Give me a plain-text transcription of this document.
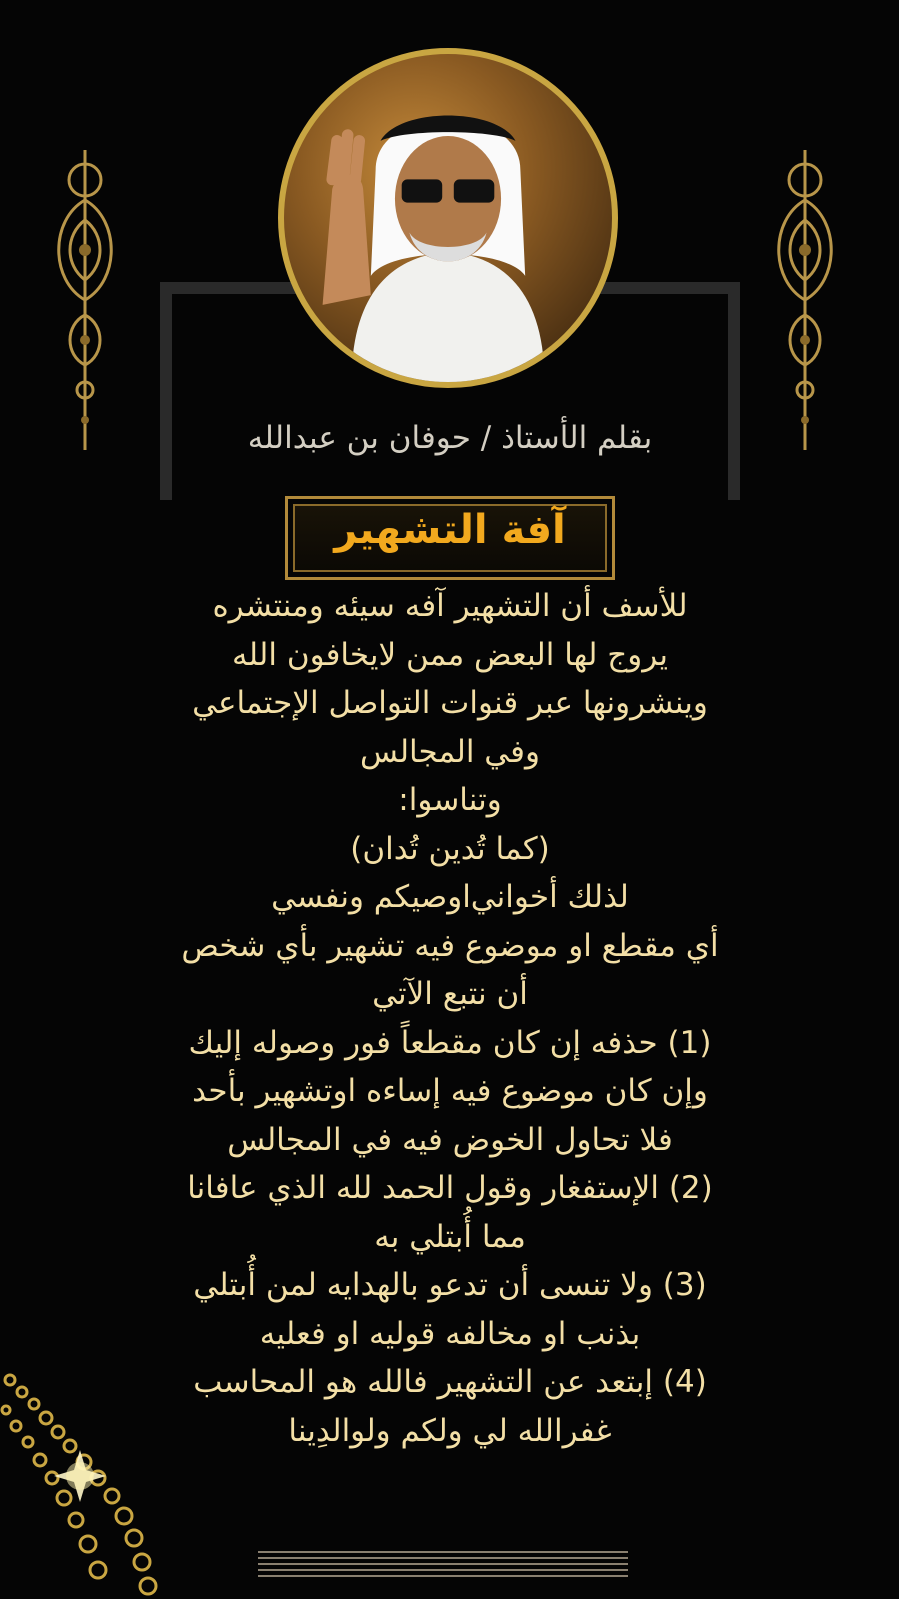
بقلم الأستاذ / حوفان بن عبدالله
آفة التشهير
للأسف أن التشهير آفه سيئه ومنتشره
يروج لها البعض ممن لايخافون الله
وينشرونها عبر قنوات التواصل الإجتماعي
وفي المجالس
وتناسوا:
(كما تُدين تُدان)
لذلك أخواني‌اوصيكم ونفسي
أي مقطع او موضوع فيه تشهير بأي شخص
أن نتبع الآتي
(1) حذفه إن كان مقطعاً فور وصوله إليك
وإن كان موضوع فيه إساءه اوتشهير بأحد
فلا تحاول الخوض فيه في المجالس
(2) الإستفغار وقول الحمد لله الذي عافانا
مما أُبتلي به
(3) ولا تنسى أن تدعو بالهدايه لمن أُبتلي
بذنب او مخالفه قوليه او فعليه
(4) إبتعد عن التشهير فالله هو المحاسب
غفرالله لي ولكم ولوالدِينا
